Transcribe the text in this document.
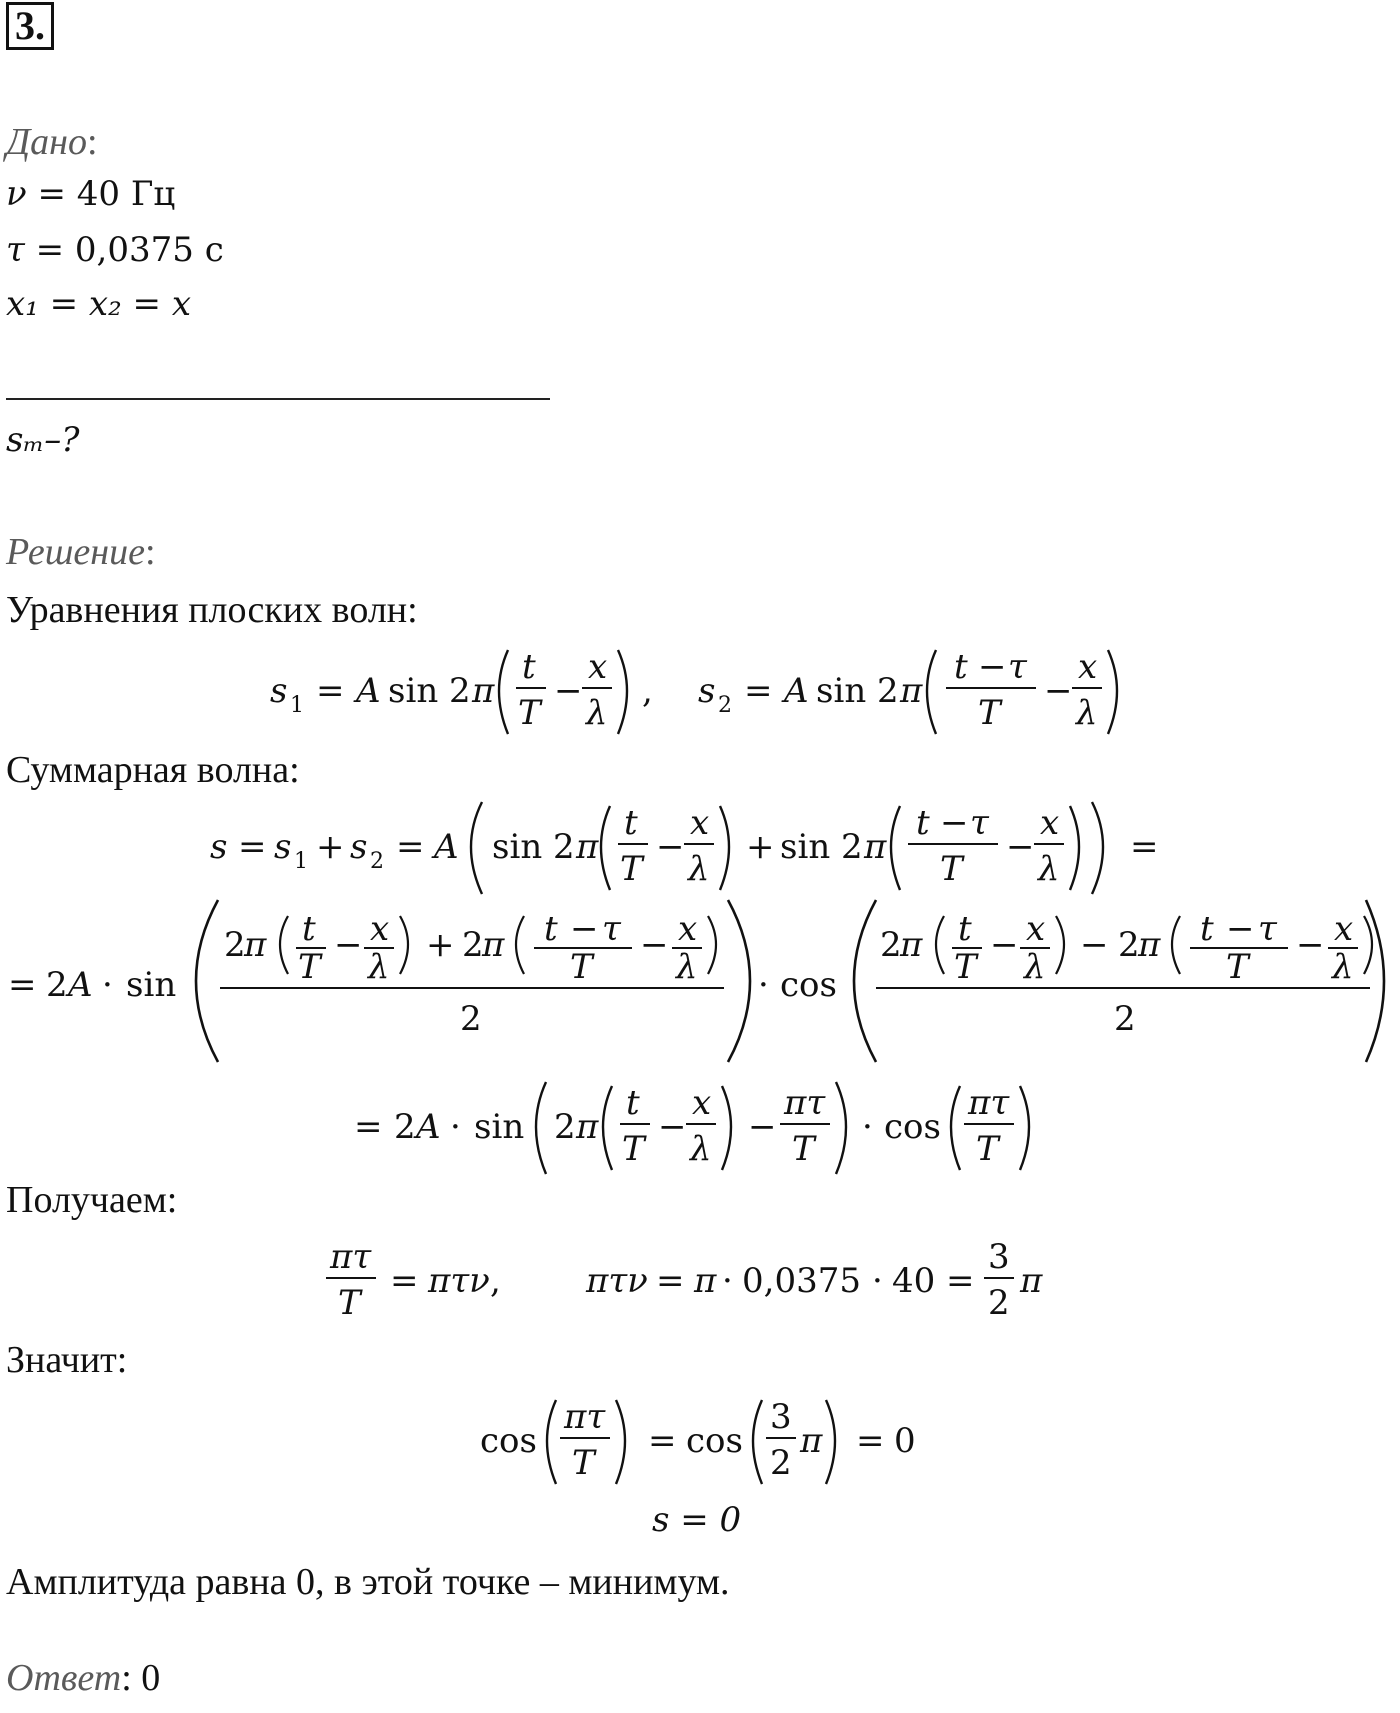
3.
Дано:
ν = 40 Гц
τ = 0,0375 с
x₁ = x₂ = x
sₘ–?
Решение:
Уравнения плоских волн:
s 1 = A sin 2 π
t
T
−
x
λ
, s 2 = A sin 2 π
t − τ
T
−
x
λ
Суммарная волна:
s = s 1 + s 2 = A sin 2 π
t
T
−
x
λ
+ sin 2 π
t − τ
T
−
x
λ
=
= 2 A · sin
2
π t
T
− x
λ
+ 2
π t − τ
T
− x
λ
2
· cos
2
π t
T
− x
λ
− 2
π t − τ
T
− x
λ
2
= 2 A · sin 2 π
t
T
−
x
λ
−
πτ
T
· cos
πτ
T
Получаем:
πτ
T
= πτν ,	πτν = π · 0,0375 · 40 =
3
2
π
Значит:
cos
πτ
T
= cos
3
2
π = 0
s = 0
Амплитуда равна 0, в этой точке – минимум.
Ответ: 0
